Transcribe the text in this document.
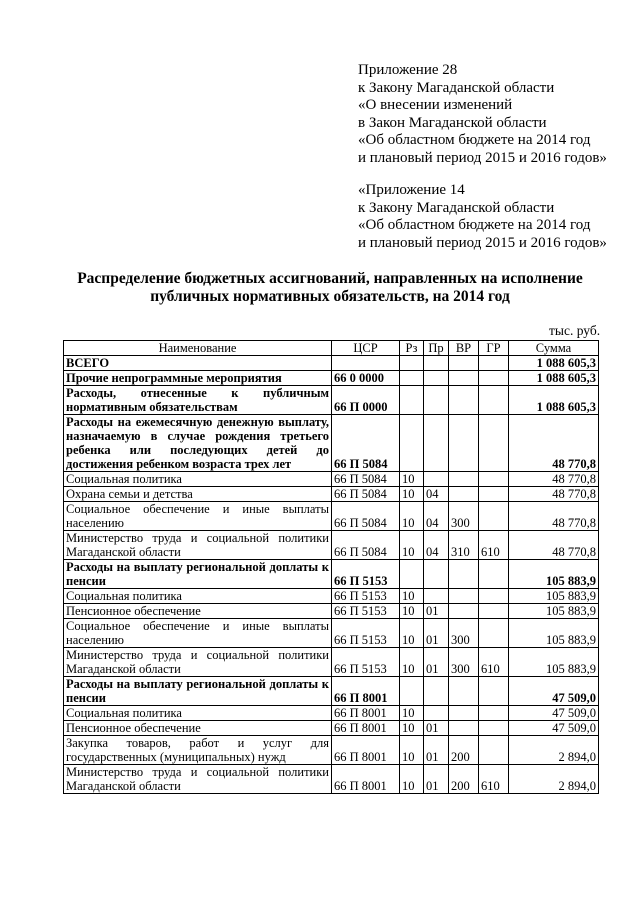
Приложение 28
к Закону Магаданской области
«О внесении изменений
в Закон Магаданской области
«Об областном бюджете на 2014 год
и плановый период 2015 и 2016 годов»
«Приложение 14
к Закону Магаданской области
«Об областном бюджете на 2014 год
и плановый период 2015 и 2016 годов»
Распределение бюджетных ассигнований, направленных на исполнение
публичных нормативных обязательств, на 2014 год
тыс. руб.
Наименование	ЦСР	Рз	Пр	ВР	ГР	Сумма
ВСЕГО						1 088 605,3
Прочие непрограммные мероприятия	66 0 0000					1 088 605,3
Расходы, отнесенные к публичным нормативным обязательствам	66 П 0000					1 088 605,3
Расходы на ежемесячную денежную выплату, назначаемую в случае рождения третьего ребенка или последующих детей до достижения ребенком возраста трех лет	66 П 5084					48 770,8
Социальная политика	66 П 5084	10				48 770,8
Охрана семьи и детства	66 П 5084	10	04			48 770,8
Социальное обеспечение и иные выплаты населению	66 П 5084	10	04	300		48 770,8
Министерство труда и социальной политики Магаданской области	66 П 5084	10	04	310	610	48 770,8
Расходы на выплату региональной доплаты к пенсии	66 П 5153					105 883,9
Социальная политика	66 П 5153	10				105 883,9
Пенсионное обеспечение	66 П 5153	10	01			105 883,9
Социальное обеспечение и иные выплаты населению	66 П 5153	10	01	300		105 883,9
Министерство труда и социальной политики Магаданской области	66 П 5153	10	01	300	610	105 883,9
Расходы на выплату региональной доплаты к пенсии	66 П 8001					47 509,0
Социальная политика	66 П 8001	10				47 509,0
Пенсионное обеспечение	66 П 8001	10	01			47 509,0
Закупка товаров, работ и услуг для государственных (муниципальных) нужд	66 П 8001	10	01	200		2 894,0
Министерство труда и социальной политики Магаданской области	66 П 8001	10	01	200	610	2 894,0
